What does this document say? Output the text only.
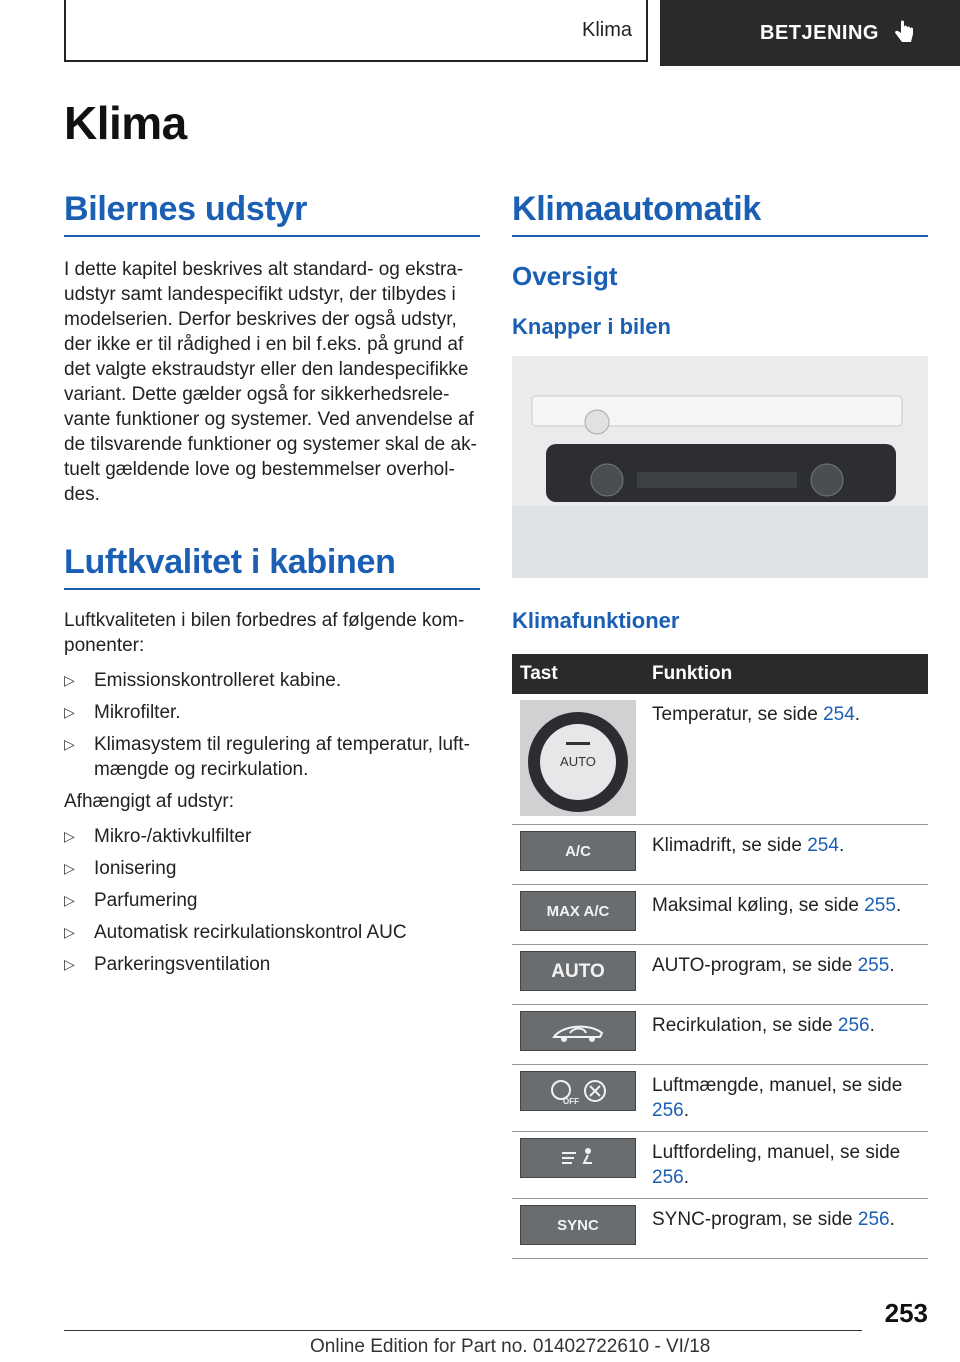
Klima	BETJENING
Klima
Bilernes udstyr

I dette kapitel beskrives alt standard- og ekstra-udstyr samt landespecifikt udstyr, der tilbydes i modelserien. Derfor beskrives der også udstyr, der ikke er til rådighed i en bil f.eks. på grund af det valgte ekstraudstyr eller den landespecifikke variant. Dette gælder også for sikkerhedsrele-vante funktioner og systemer. Ved anvendelse af de tilsvarende funktioner og systemer skal de ak-tuelt gældende love og bestemmelser overhol-des.

Luftkvalitet i kabinen

Luftkvaliteten i bilen forbedres af følgende kom-ponenter:

▷ Emissionskontrolleret kabine.
▷ Mikrofilter.
▷ Klimasystem til regulering af temperatur, luft-mængde og recirkulation.

Afhængigt af udstyr:

▷ Mikro-/aktivkulfilter
▷ Ionisering
▷ Parfumering
▷ Automatisk recirkulationskontrol AUC
▷ Parkeringsventilation
Klimaautomatik
Oversigt
Knapper i bilen
Klimafunktioner
Tast	Funktion

AUTO	Temperatur, se side 254.

A/C	Klimadrift, se side 254.

MAX A/C	Maksimal køling, se side 255.

AUTO	AUTO-program, se side 255.

	Recirkulation, se side 256.

OFF	Luftmængde, manuel, se side 256.

	Luftfordeling, manuel, se side 256.

SYNC	SYNC-program, se side 256.
253
Online Edition for Part no. 01402722610 - VI/18
